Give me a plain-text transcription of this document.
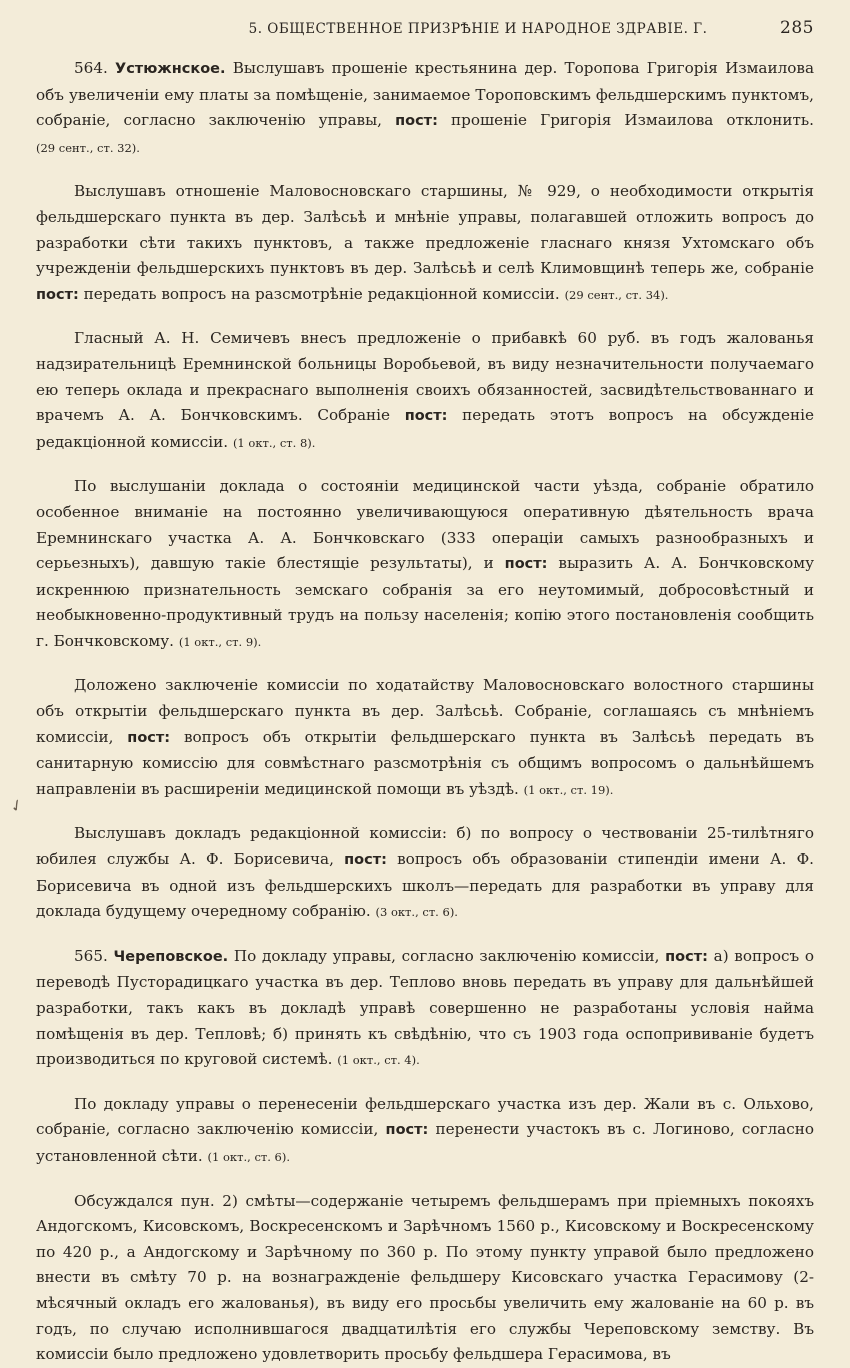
5. ОБЩЕСТВЕННОЕ ПРИЗРѢНІЕ И НАРОДНОЕ ЗДРАВІЕ. Г.	285
✓

564. Устюжнское. Выслушавъ прошеніе крестьянина дер. Торопова Григорія Измаилова объ увеличеніи ему платы за помѣщеніе, занимаемое Тороповскимъ фельдшерскимъ пунктомъ, собраніе, согласно заключенію управы, пост: прошеніе Григорія Измаилова отклонить. (29 сент., ст. 32).

Выслушавъ отношеніе Маловосновскаго старшины, № 929, о необходимости открытія фельдшерскаго пункта въ дер. Залѣсьѣ и мнѣніе управы, полагавшей отложить вопросъ до разработки сѣти такихъ пунктовъ, а также предложеніе гласнаго князя Ухтомскаго объ учрежденіи фельдшерскихъ пунктовъ въ дер. Залѣсьѣ и селѣ Климовщинѣ теперь же, собраніе пост: передать вопросъ на разсмотрѣніе редакціонной комиссіи. (29 сент., ст. 34).

Гласный А. Н. Семичевъ внесъ предложеніе о прибавкѣ 60 руб. въ годъ жалованья надзирательницѣ Еремнинской больницы Воробьевой, въ виду незначительности получаемаго ею теперь оклада и прекраснаго выполненія своихъ обязанностей, засвидѣтельствованнаго и врачемъ А. А. Бончковскимъ. Собраніе пост: передать этотъ вопросъ на обсужденіе редакціонной комиссіи. (1 окт., ст. 8).

По выслушаніи доклада о состояніи медицинской части уѣзда, собраніе обратило особенное вниманіе на постоянно увеличивающуюся оперативную дѣятельность врача Еремнинскаго участка А. А. Бончковскаго (333 операціи самыхъ разнообразныхъ и серьезныхъ), давшую такіе блестящіе результаты), и пост: выразить А. А. Бончковскому искреннюю признательность земскаго собранія за его неутомимый, добросовѣстный и необыкновенно-продуктивный трудъ на пользу населенія; копію этого постановленія сообщить г. Бончковскому. (1 окт., ст. 9).

Доложено заключеніе комиссіи по ходатайству Маловосновскаго волостного старшины объ открытіи фельдшерскаго пункта въ дер. Залѣсьѣ. Собраніе, соглашаясь съ мнѣніемъ комиссіи, пост: вопросъ объ открытіи фельдшерскаго пункта въ Залѣсьѣ передать въ санитарную комиссію для совмѣстнаго разсмотрѣнія съ общимъ вопросомъ о дальнѣйшемъ направленіи въ расширеніи медицинской помощи въ уѣздѣ. (1 окт., ст. 19).

Выслушавъ докладъ редакціонной комиссіи: б) по вопросу о чествованіи 25-тилѣтняго юбилея службы А. Ф. Борисевича, пост: вопросъ объ образованіи стипендіи имени А. Ф. Борисевича въ одной изъ фельдшерскихъ школъ—передать для разработки въ управу для доклада будущему очередному собранію. (3 окт., ст. 6).

565. Череповское. По докладу управы, согласно заключенію комиссіи, пост: а) вопросъ о переводѣ Пусторадицкаго участка въ дер. Теплово вновь передать въ управу для дальнѣйшей разработки, такъ какъ въ докладѣ управѣ совершенно не разработаны условія найма помѣщенія въ дер. Тепловѣ; б) принять къ свѣдѣнію, что съ 1903 года оспопрививаніе будетъ производиться по круговой системѣ. (1 окт., ст. 4).

По докладу управы о перенесеніи фельдшерскаго участка изъ дер. Жали въ с. Ольхово, собраніе, согласно заключенію комиссіи, пост: перенести участокъ въ с. Логиново, согласно установленной сѣти. (1 окт., ст. 6).

Обсуждался пун. 2) смѣты—содержаніе четыремъ фельдшерамъ при пріемныхъ покояхъ Андогскомъ, Кисовскомъ, Воскресенскомъ и Зарѣчномъ 1560 р., Кисовскому и Воскресенскому по 420 р., а Андогскому и Зарѣчному по 360 р. По этому пункту управой было предложено внести въ смѣту 70 р. на вознагражденіе фельдшеру Кисовскаго участка Герасимову (2-мѣсячный окладъ его жалованья), въ виду его просьбы увеличить ему жалованіе на 60 р. въ годъ, по случаю исполнившагося двадцатилѣтія его службы Череповскому земству. Въ комиссіи было предложено удовлетворить просьбу фельдшера Герасимова, въ
